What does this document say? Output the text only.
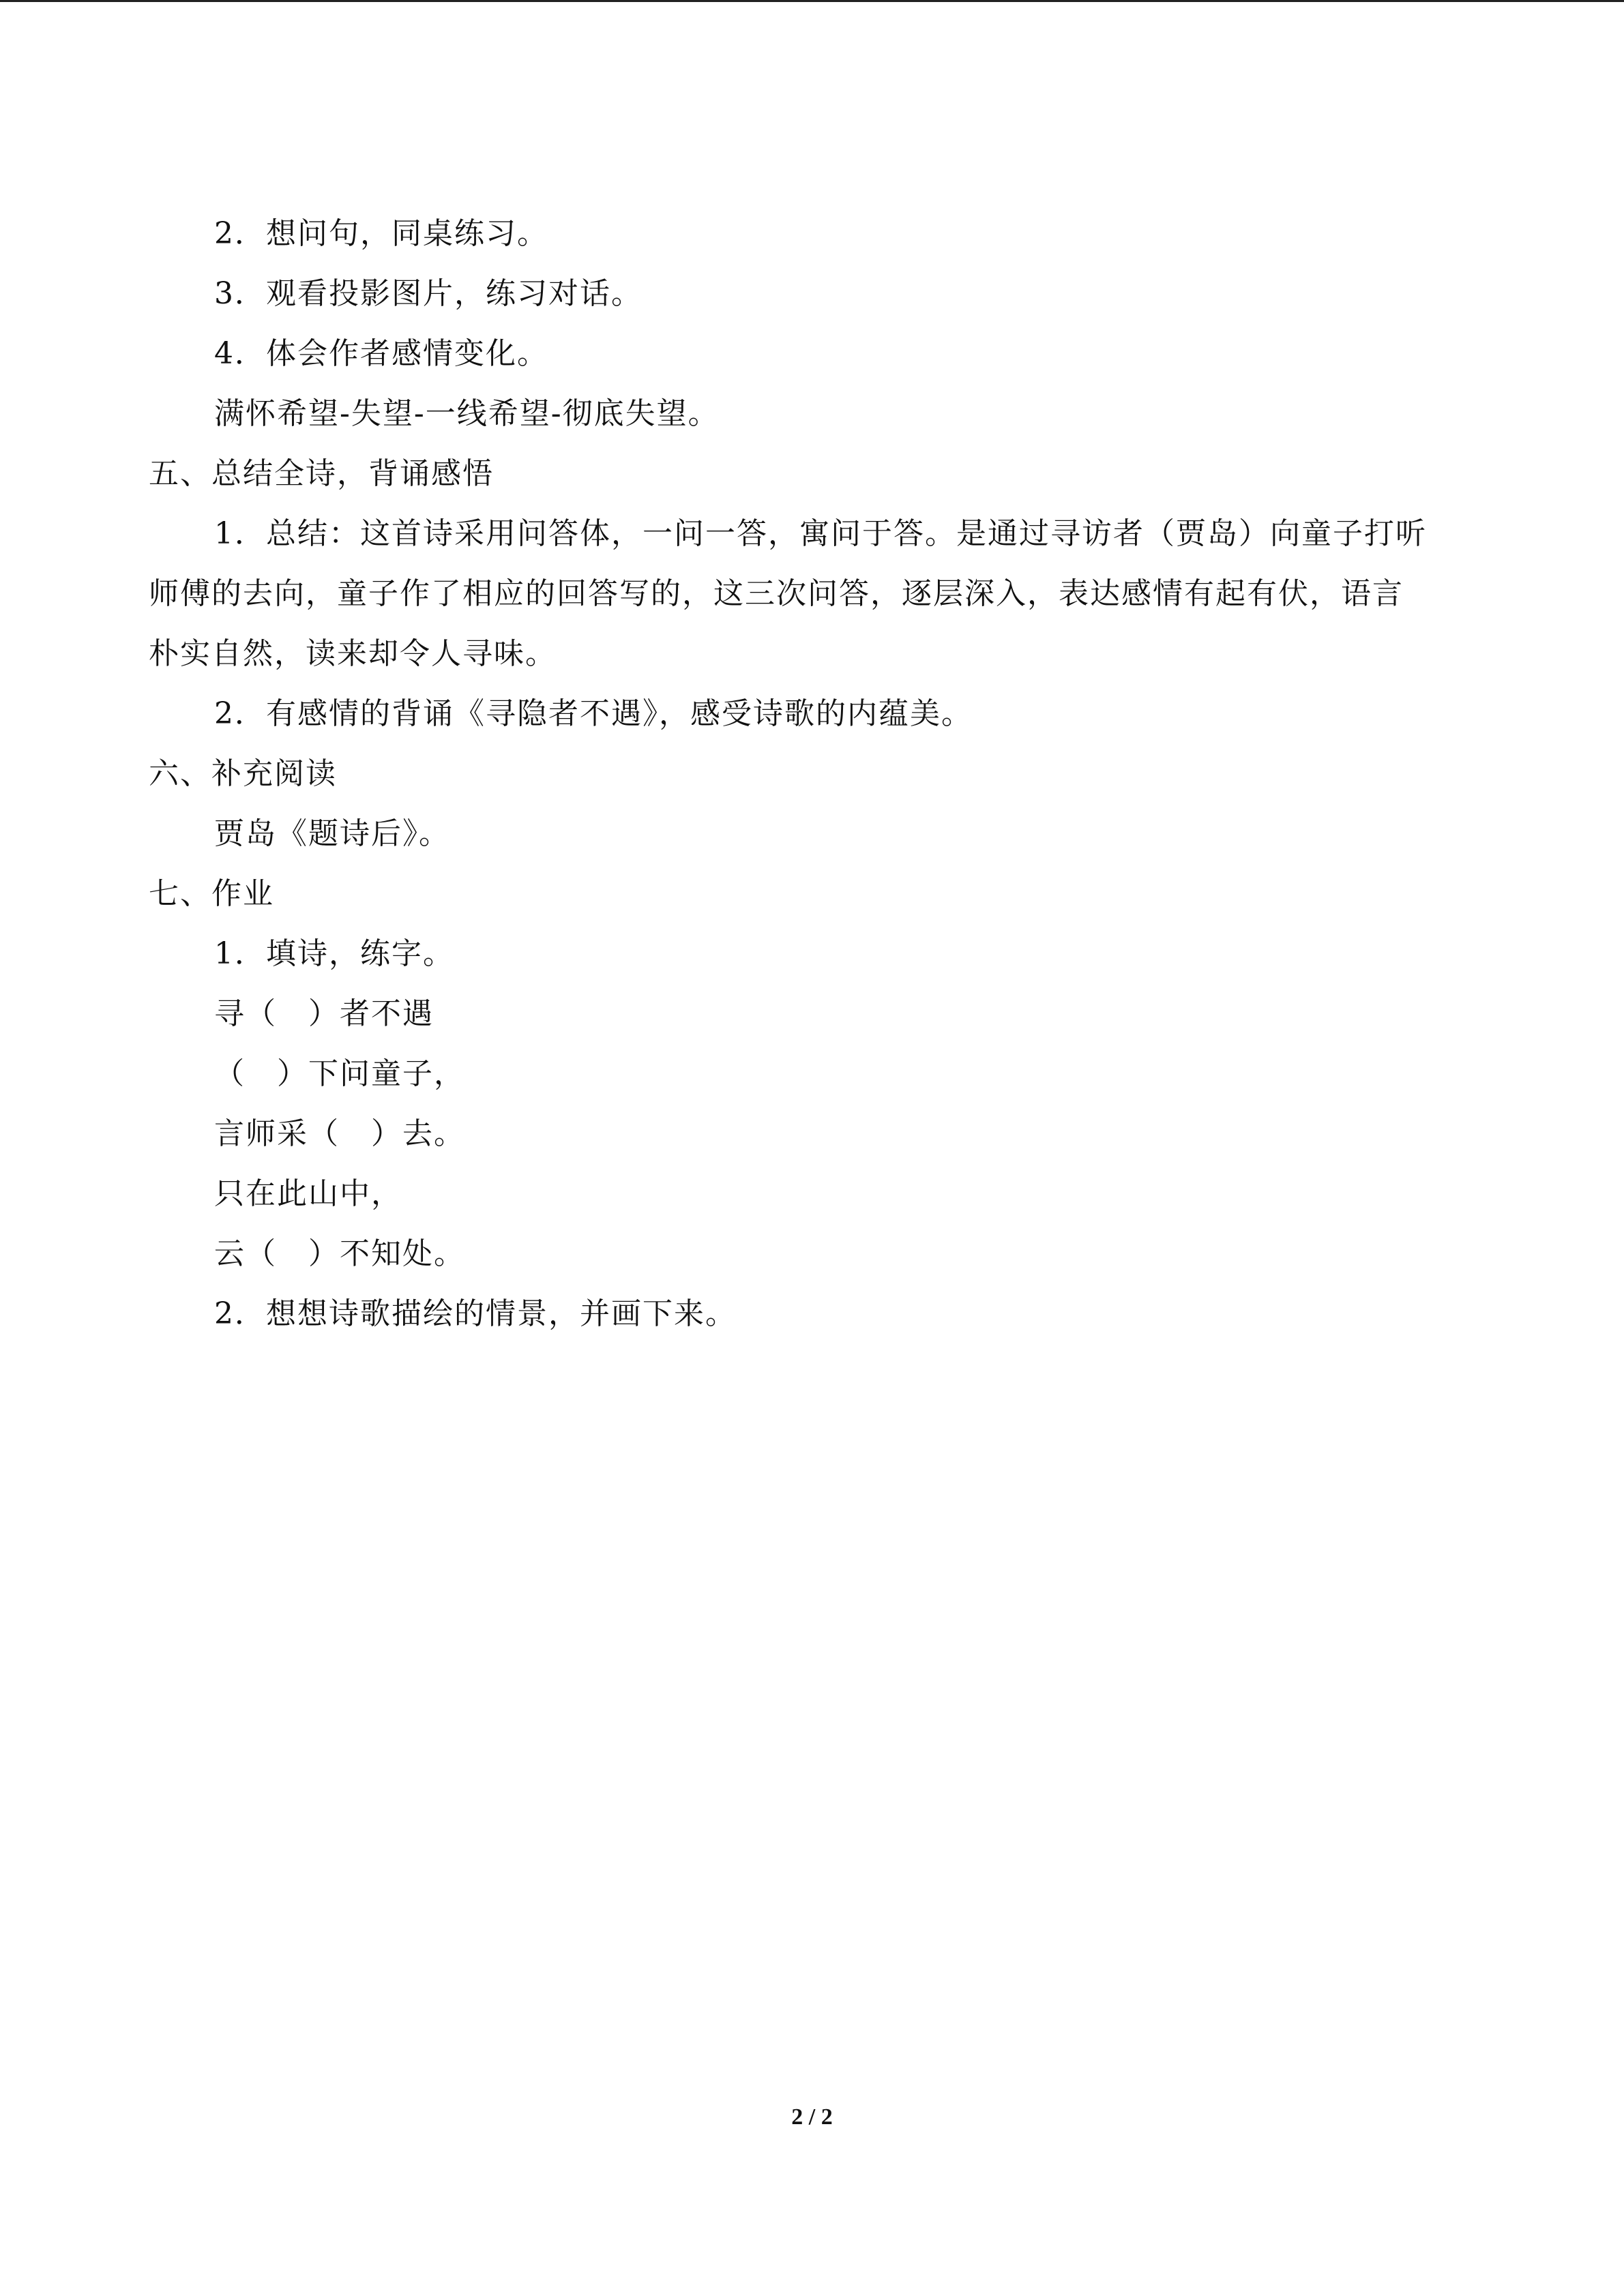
2．想问句，同桌练习。
3．观看投影图片，练习对话。
4．体会作者感情变化。
满怀希望-失望-一线希望-彻底失望。
五、总结全诗，背诵感悟
1．总结：这首诗采用问答体，一问一答，寓问于答。是通过寻访者（贾岛）向童子打听
师傅的去向，童子作了相应的回答写的，这三次问答，逐层深入，表达感情有起有伏，语言
朴实自然，读来却令人寻味。
2．有感情的背诵《寻隐者不遇》，感受诗歌的内蕴美。
六、补充阅读
贾岛《题诗后》。
七、作业
1．填诗，练字。
寻（　）者不遇
（　）下问童子，
言师采（　）去。
只在此山中，
云（　）不知处。
2．想想诗歌描绘的情景，并画下来。
2 / 2
